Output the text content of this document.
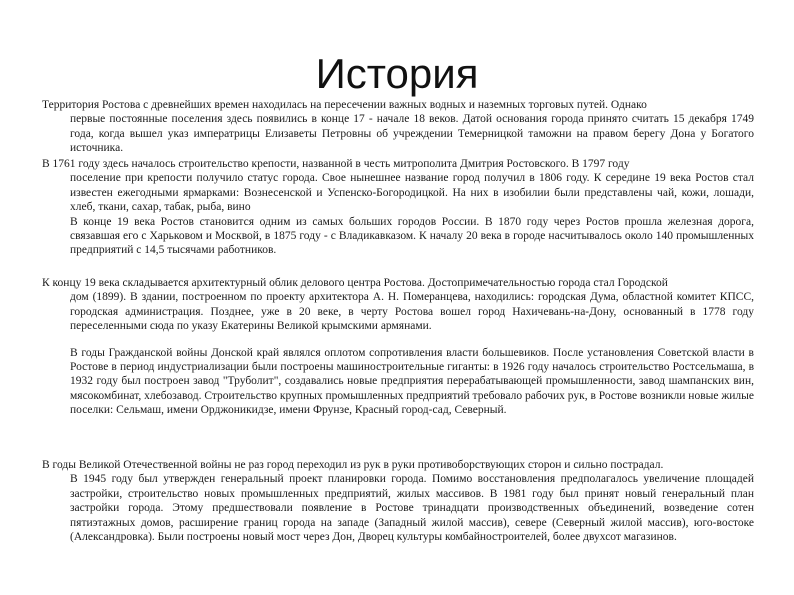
История
Территория Ростова с древнейших времен находилась на пересечении важных водных и наземных торговых путей. Однако
первые постоянные поселения здесь появились в конце 17 - начале 18 веков. Датой основания города принято считать 15 декабря 1749 года, когда вышел указ императрицы Елизаветы Петровны об учреждении Темерницкой таможни на правом берегу Дона у Богатого источника.
В 1761 году здесь началось строительство крепости, названной в честь митрополита Дмитрия Ростовского. В 1797 году
поселение при крепости получило статус города. Свое нынешнее название город получил в 1806 году. К середине 19 века Ростов стал известен ежегодными ярмарками: Вознесенской и Успенско-Богородицкой. На них в изобилии были представлены чай, кожи, лошади, хлеб, ткани, сахар, табак, рыба, вино
В конце 19 века Ростов становится одним из самых больших городов России. В 1870 году через Ростов прошла железная дорога, связавшая его с Харьковом и Москвой, в 1875 году - с Владикавказом. К началу 20 века в городе насчитывалось около 140 промышленных предприятий с 14,5 тысячами работников.
К концу 19 века складывается архитектурный облик делового центра Ростова. Достопримечательностью города стал Городской
дом (1899). В здании, построенном по проекту архитектора А. Н. Померанцева, находились: городская Дума, областной комитет КПСС, городская администрация. Позднее, уже в 20 веке, в черту Ростова вошел город Нахичевань-на-Дону, основанный в 1778 году переселенными сюда по указу Екатерины Великой крымскими армянами.
В годы Гражданской войны Донской край являлся оплотом сопротивления власти большевиков. После установления Советской власти в Ростове в период индустриализации были построены машиностроительные гиганты: в 1926 году началось строительство Ростсельмаша, в 1932 году был построен завод "Труболит", создавались новые предприятия перерабатывающей промышленности, завод шампанских вин, мясокомбинат, хлебозавод. Строительство крупных промышленных предприятий требовало рабочих рук, в Ростове возникли новые жилые поселки: Сельмаш, имени Орджоникидзе, имени Фрунзе, Красный город-сад, Северный.
В годы Великой Отечественной войны не раз город переходил из рук в руки противоборствующих сторон и сильно пострадал.
В 1945 году был утвержден генеральный проект планировки города. Помимо восстановления предполагалось увеличение площадей застройки, строительство новых промышленных предприятий, жилых массивов. В 1981 году был принят новый генеральный план застройки города. Этому предшествовали появление в Ростове тринадцати производственных объединений, возведение сотен пятиэтажных домов, расширение границ города на западе (Западный жилой массив), севере (Северный жилой массив), юго-востоке (Александровка). Были построены новый мост через Дон, Дворец культуры комбайностроителей, более двухсот магазинов.
